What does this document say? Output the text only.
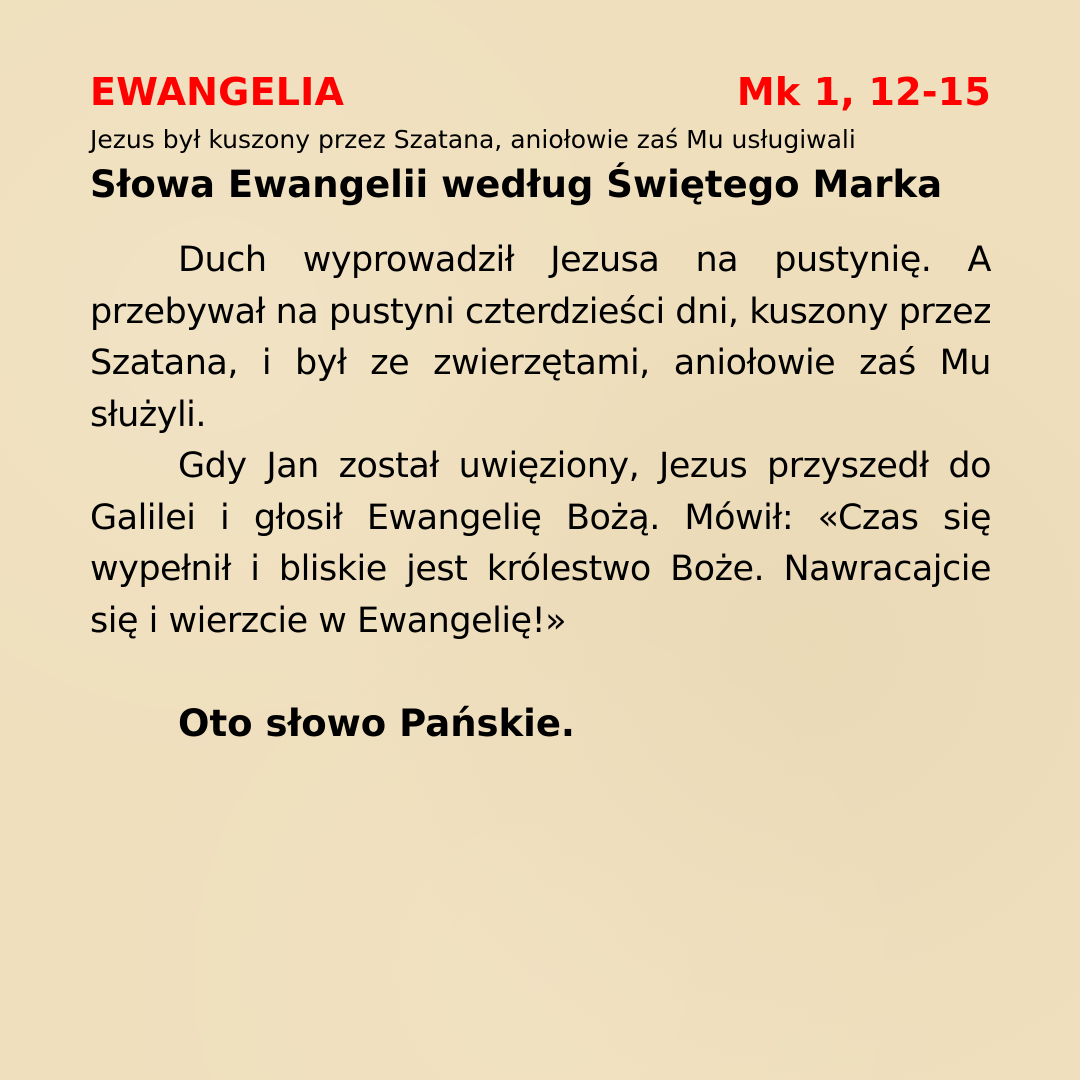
EWANGELIA	Mk 1, 12-15
Jezus był kuszony przez Szatana, aniołowie zaś Mu usługiwali
Słowa Ewangelii według Świętego Marka

Duch wyprowadził Jezusa na pustynię. A przebywał na pustyni czterdzieści dni, kuszony przez Szatana, i był ze zwierzętami, aniołowie zaś Mu służyli.

Gdy Jan został uwięziony, Jezus przyszedł do Galilei i głosił Ewangelię Bożą. Mówił: «Czas się wypełnił i bliskie jest królestwo Boże. Nawracajcie się i wierzcie w Ewangelię!»

Oto słowo Pańskie.
